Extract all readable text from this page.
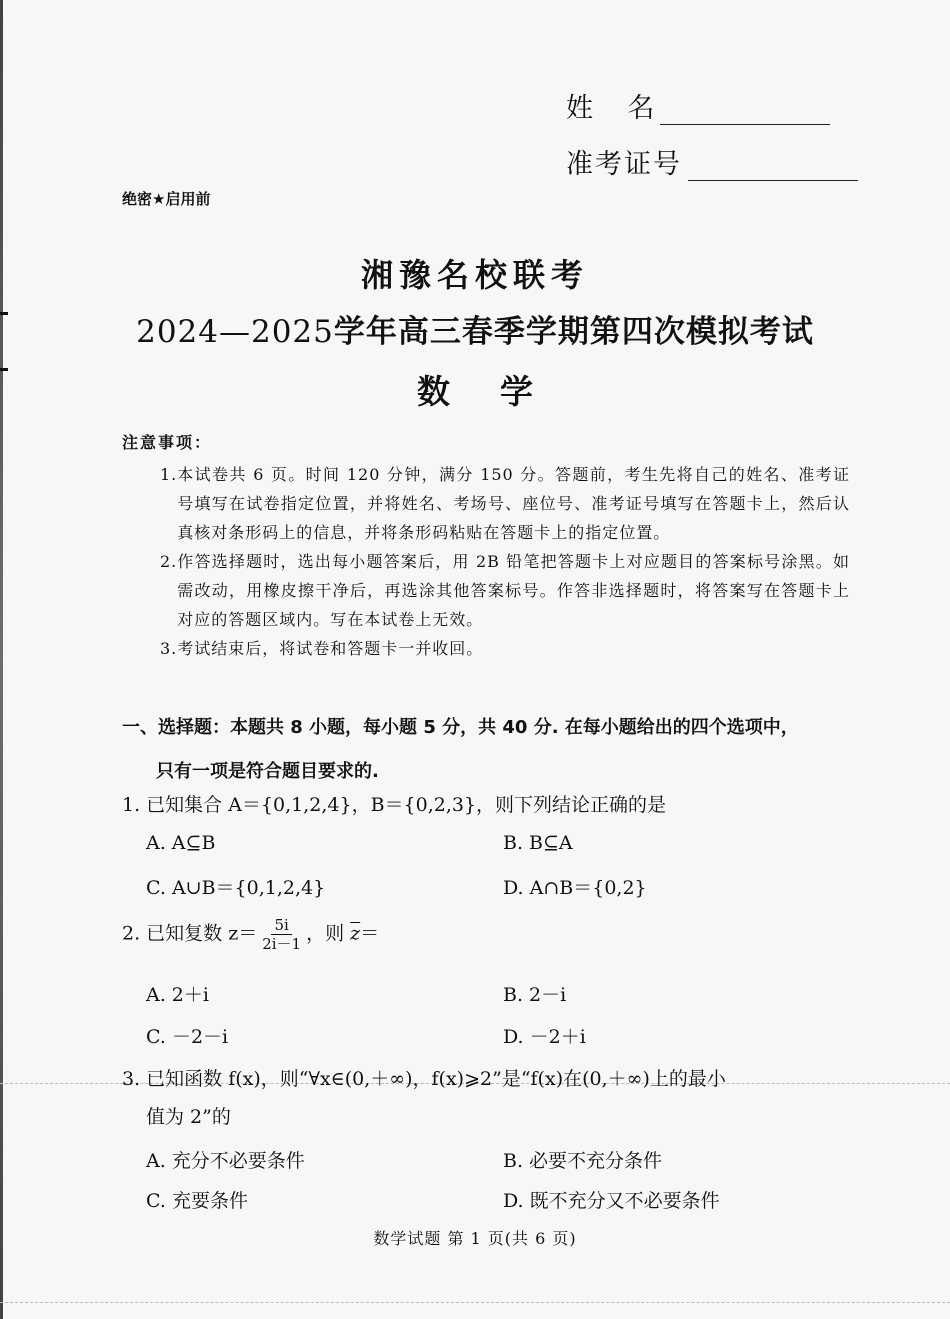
姓    名
准考证号
绝密★启用前
湘豫名校联考
2024—2025学年高三春季学期第四次模拟考试
数学
注意事项：
1. 本试卷共 6 页。时间 120 分钟，满分 150 分。答题前，考生先将自己的姓名、准考证号填写在试卷指定位置，并将姓名、考场号、座位号、准考证号填写在答题卡上，然后认真核对条形码上的信息，并将条形码粘贴在答题卡上的指定位置。
2. 作答选择题时，选出每小题答案后，用 2B 铅笔把答题卡上对应题目的答案标号涂黑。如需改动，用橡皮擦干净后，再选涂其他答案标号。作答非选择题时，将答案写在答题卡上对应的答题区域内。写在本试卷上无效。
3. 考试结束后，将试卷和答题卡一并收回。
一、选择题：本题共 8 小题，每小题 5 分，共 40 分. 在每小题给出的四个选项中，
只有一项是符合题目要求的.
1. 已知集合 A＝{0,1,2,4}，B＝{0,2,3}，则下列结论正确的是
A. A⊆B	B. B⊆A
C. A∪B＝{0,1,2,4}	D. A∩B＝{0,2}
2. 已知复数 $z= \frac{5i}{2i-1}$ ，则 $\overline{z}=$
A. 2＋i	B. 2－i
C. －2－i	D. －2＋i
3. 已知函数 f(x)，则“∀x∈(0,＋∞)，f(x)⩾2”是“f(x)在(0,＋∞)上的最小
值为 2”的
A. 充分不必要条件	B. 必要不充分条件
C. 充要条件	D. 既不充分又不必要条件
数学试题 第 1 页(共 6 页)
